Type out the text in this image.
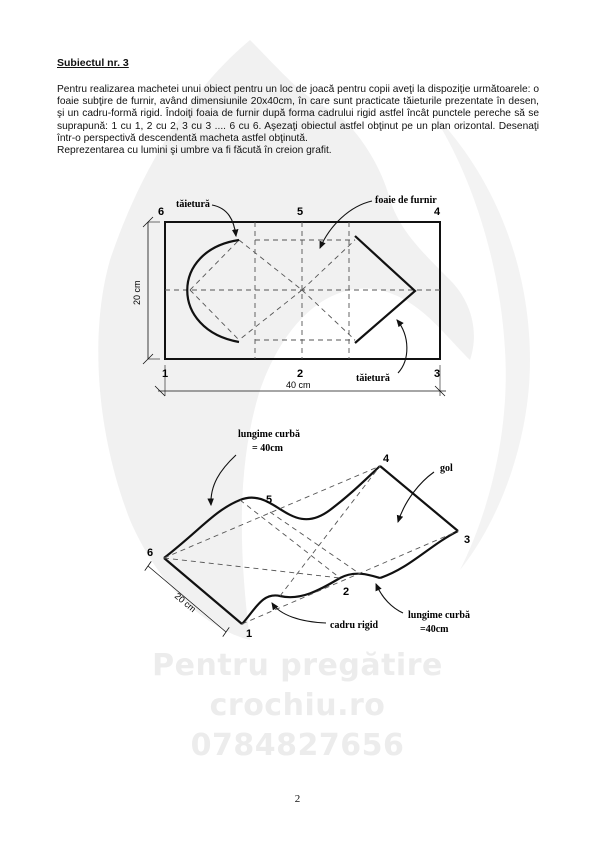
Pentru pregătire
crochiu.ro
0784827656
Subiectul nr. 3

Pentru realizarea machetei unui obiect pentru un loc de joacă pentru copii aveţi la dispoziţie următoarele: o foaie subţire de furnir, având dimensiunile 20x40cm, în care sunt practicate tăieturile prezentate în desen, şi un cadru-formă rigid. Îndoiţi foaia de furnir după forma cadrului rigid astfel încât punctele pereche să se suprapună: 1 cu 1, 2 cu 2, 3 cu 3 .... 6 cu 6. Aşezaţi obiectul astfel obţinut pe un plan orizontal. Desenaţi într-o perspectivă descendentă macheta astfel obţinută.

Reprezentarea cu lumini şi umbre va fi făcută în creion grafit.

6	5	4
1	2	3
tăietură	foaie de furnir
tăietură
20 cm
40 cm
6
5
4
3
2
1
lungime curbă
= 40cm
gol
cadru rigid
lungime curbă
=40cm
20 cm
2
